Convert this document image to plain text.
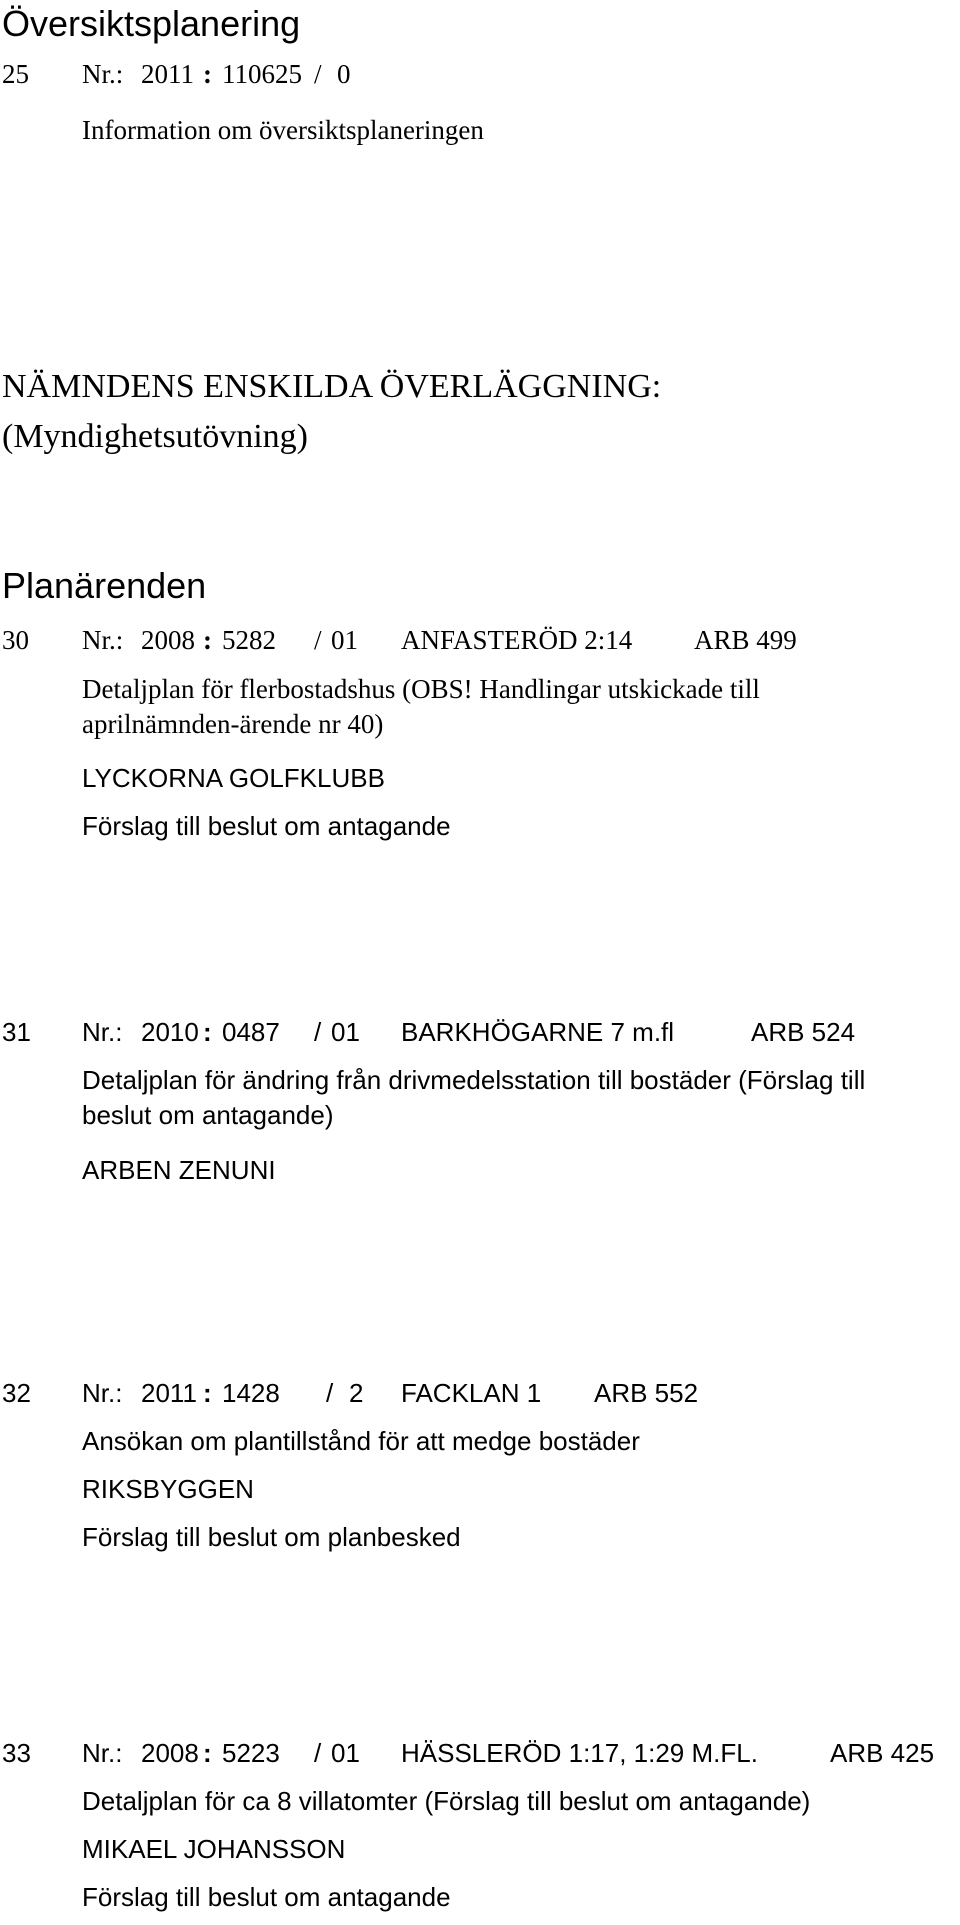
Översiktsplanering
25 Nr.: 2011 : 110625 / 0
Information om översiktsplaneringen
NÄMNDENS ENSKILDA ÖVERLÄGGNING:
(Myndighetsutövning)
Planärenden
30 Nr.: 2008 : 5282 / 01 ANFASTERÖD 2:14 ARB 499
Detaljplan för flerbostadshus (OBS! Handlingar utskickade till
aprilnämnden-ärende nr 40)
LYCKORNA GOLFKLUBB
Förslag till beslut om antagande
31 Nr.: 2010 : 0487 / 01 BARKHÖGARNE 7 m.fl	ARB 524
Detaljplan för ändring från drivmedelsstation till bostäder (Förslag till
beslut om antagande)
ARBEN ZENUNI
32 Nr.: 2011 : 1428 / 2 FACKLAN 1 ARB 552
Ansökan om plantillstånd för att medge bostäder
RIKSBYGGEN
Förslag till beslut om planbesked
33 Nr.: 2008 : 5223 / 01 HÄSSLERÖD 1:17, 1:29 M.FL.	ARB 425
Detaljplan för ca 8 villatomter (Förslag till beslut om antagande)
MIKAEL JOHANSSON
Förslag till beslut om antagande
